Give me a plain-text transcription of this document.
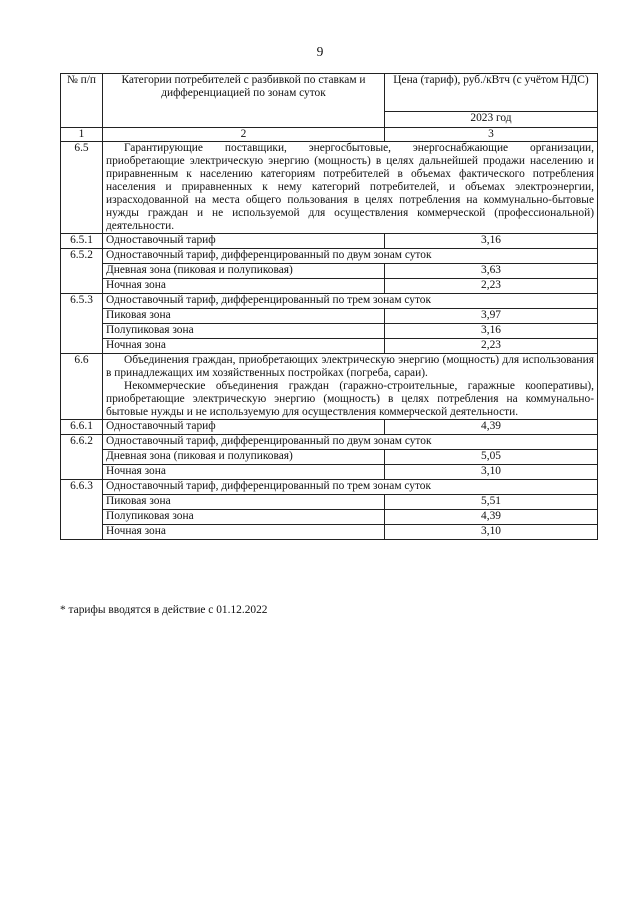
9
№ п/п	Категории потребителей с разбивкой по ставкам и дифференциацией по зонам суток	Цена (тариф), руб./кВтч (с учётом НДС)
		2023 год
1	2	3
6.5	Гарантирующие поставщики, энергосбытовые, энергоснабжающие организации, приобретающие электрическую энергию (мощность) в целях дальнейшей продажи населению и приравненным к населению категориям потребителей в объемах фактического потребления населения и приравненных к нему категорий потребителей, и объемах электроэнергии, израсходованной на места общего пользования в целях потребления на коммунально-бытовые нужды граждан и не используемой для осуществления коммерческой (профессиональной) деятельности.	

6.5.1	Одноставочный тариф	3,16
6.5.2	Одноставочный тариф, дифференцированный по двум зонам суток	
	Дневная зона (пиковая и полупиковая)	3,63
	Ночная зона	2,23
6.5.3	Одноставочный тариф, дифференцированный по трем зонам суток	
	Пиковая зона	3,97
	Полупиковая зона	3,16
	Ночная зона	2,23
6.6	Объединения граждан, приобретающих электрическую энергию (мощность) для использования в принадлежащих им хозяйственных постройках (погреба, сараи).

Некоммерческие объединения граждан (гаражно-строительные, гаражные кооперативы), приобретающие электрическую энергию (мощность) в целях потребления на коммунально-бытовые нужды и не используемую для осуществления коммерческой деятельности.	

6.6.1	Одноставочный тариф	4,39
6.6.2	Одноставочный тариф, дифференцированный по двум зонам суток	
	Дневная зона (пиковая и полупиковая)	5,05
	Ночная зона	3,10
6.6.3	Одноставочный тариф, дифференцированный по трем зонам суток	
	Пиковая зона	5,51
	Полупиковая зона	4,39
	Ночная зона	3,10
* тарифы вводятся в действие с 01.12.2022
